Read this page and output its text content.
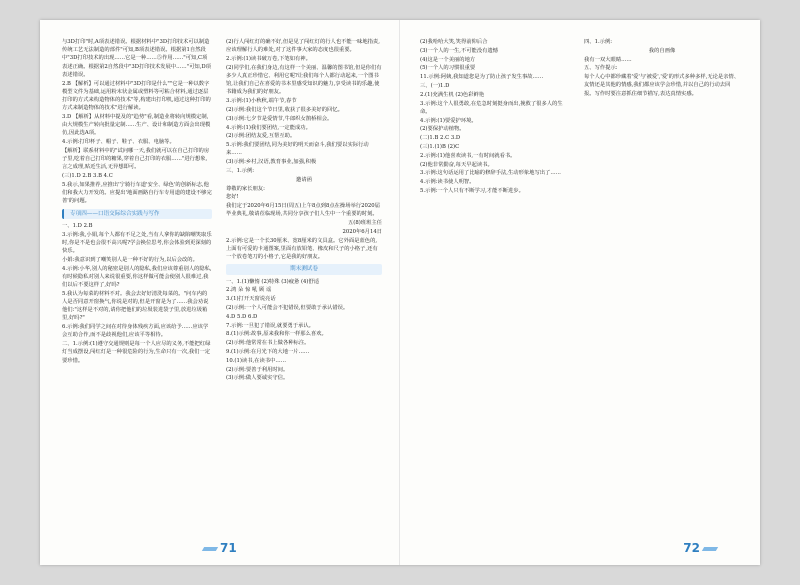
与3D打印"时,A项表述错误。根据材料中"3D打印技术可以制造传统工艺无法制造的部件"可知,B项表述错误。根据第1自然段中"3D打印技术的出现……它是一种……⑤作用……"可知,C项表述正确。根据第2自然段中"3D打印技术发展中……"可知,D项表述错误。

2.B 【解析】可以通过材料中"3D打印是什么""它是一种以数字模型文件为基础,运用粉末状金属或塑料等可粘合材料,通过逐层打印的方式来构造物体的技术"等,构建出打印机,通过这种打印的方式来制造物体的技术"进行解读。

3.D 【解析】从材料中提及的"趋势"看,制造业将转向规模定制,由大规模生产转向批量定制……生产、设计和制造方面会出现模仿,因此选A项。

4.示例:打印杯子、帽子、鞋子、衣服、电脑等。

【解析】联系材料中的"试问哪一天,我们就可以在自己打印的房子里,吃着自己打印的糖果,穿着自己打印的衣服……"进行想象,言之成理,贴近生活,无异想即可。

(三)1.D 2.B 3.B 4.C

5.我示,如果推荐,应推出'宁骑行车道'安全、绿色'的创新标志,他们和我大力开发的。应提出'地面画路自行车专用道的建设不够完善'的问题。

专项四——口语交际综合实践与写作

一、1.D 2.B

3.示例:我,小娟,每个人都有不足之处,当有人拿你的缺陷嘲笑取乐时,你是不是也会很不高兴呢?学会换位思考,你会体验到更深刻的快乐。

小娟:我意识到了嘲笑别人是一种不好的行为,以后会改的。

4.示例:小华,别人的秘密是别人的隐私,我们应该尊重别人的隐私,有时候隐私对别人来说很重要,你这样做可能会使别人很难过,我们以后不要这样了,好吗?

5.我认为每菜的材料不对。我会去好好清洗每菜的。"问车内的人是否同意开窗换气,你说是对的,但是开窗是为了……我会劝说他们:"这样是不对的,请你把他们的垃圾装进袋子里,放进垃圾箱里,好吗?"

6.示例:我们同学之间在对待身体残疾方面,应该给予……应该学会互助合作,而不是歧视他们,应该平等相待。

二、1.示例:(1)遵守交通规则是每一个人应尽的义务,不能把红绿灯当成摆设,闯红灯是一种很危险的行为,生命只有一次,我们一定要珍惜。

(2)行人闯红灯的确不好,但是见了闯红灯的行人也不能一味地指责,应该理解行人的难处,对了这件事大家的态度也很重要。

2.示例:(1)读书破万卷,下笔如有神。

(2)同学们,在我们身边,有这样一个美丽、温馨的图书馆,但是你们有多少人真正珍惜它、利用它呢?让我们每个人都行动起来,一个图书馆,让我们自己在喜爱的书本里感受知识的魅力,享受读书的乐趣,使书籍成为我们的好朋友。

3.示例:(1)小秋秋,端午节,春节

(2)示例:我们这个节日里,收获了很多美好的回忆。

(3)示例:七夕节是爱情节,牛郎织女鹊桥相会。

4.示例:(1)我们要团结,一定能成功。

(2)示例:团结友爱,互帮互助。

5.示例:我们要团结,同为美好的明天而奋斗,我们要以实际行动来……

(3)示例:乡村,汉语,教育事业,加强,积极

三、1.示例:

邀请函

尊敬的家长朋友:

您好!

我们定于2020年6月15日(周五)上午8点到8点在操场举行2020届毕业典礼,敬请莅临现场,共同分享孩子们人生中一个重要的时刻。

五(8)班班主任

2020年6月14日

2.示例:它是一个长30厘米、宽8厘米的文具盒。它外面是蓝色的,上面有可爱的卡通图案,里面有放铅笔、橡皮和尺子的小格子,还有一个放卷笔刀的小格子,它是我的好朋友。

期末测试卷

一、1.(1)懒惰 (2)特殊 (3)疲惫 (4)舒适

2.鸿 朵 惊 吼 顾 谣

3.(1)打开天窗说亮话

(2)示例:一个人可能会不犯错误,但要敢于承认错误。

4.D 5.D 6.D

7.示例:一旦犯了错误,就要勇于承认。

8.(1)示例:故事,原来我和你一样那么喜欢。

(2)示例:他常常在书上做各种标注。

9.(1)示例:在月光下的大地一片……

10.(1)读书,在读书中……

(2)示例:要善于利用时间。

(3)示例:做人要诚实守信。

71

(2)我哈哈大笑,笑得前仰后合

(3)一个人的一生,不可能没有遗憾

(4)这是一个美丽的地方

(5)一个人的习惯很重要

11.示例:阿姨,我知道您是为了防止孩子发生事故……

三、(一)1.D

2.(1)充满生机 (2)色彩鲜艳

3.示例:这个人很勇敢,在危急时刻挺身而出,挽救了很多人的生命。

4.示例:(1)要爱护环境。

(2)要保护动植物。

(二)1.B 2.C 3.D

(三)1.(1)B (2)C

2.示例:(1)他喜欢读书,一有时间就看书。

(2)他非常勤奋,每天早起读书。

3.示例:这句话运用了比喻的修辞手法,生动形象地写出了……

4.示例:读书使人明智。

5.示例:一个人只有不断学习,才能不断进步。

四、1.示例:

我的自画像

我有一双大眼睛……

五、写作提示:

每个人心中都珍藏着'爱'与'被爱','爱'的形式多种多样,无论是亲情、友情还是其他的情感,我们都应该学会珍惜,并以自己的行动去回报。写作时要注意抓住细节描写,表达真情实感。

72
